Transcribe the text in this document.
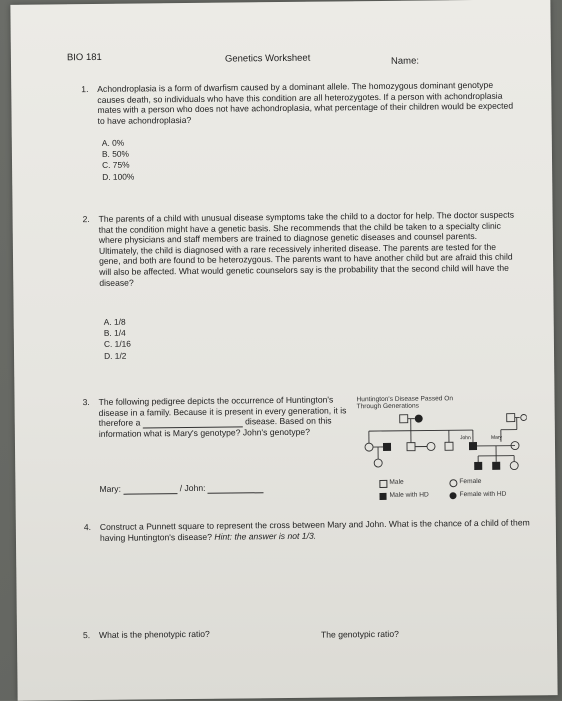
BIO 181	Genetics Worksheet	Name:
1. Achondroplasia is a form of dwarfism caused by a dominant allele. The homozygous dominant genotype causes death, so individuals who have this condition are all heterozygotes. If a person with achondroplasia mates with a person who does not have achondroplasia, what percentage of their children would be expected to have achondroplasia?
A. 0%
B. 50%
C. 75%
D. 100%
2. The parents of a child with unusual disease symptoms take the child to a doctor for help. The doctor suspects that the condition might have a genetic basis. She recommends that the child be taken to a specialty clinic where physicians and staff members are trained to diagnose genetic diseases and counsel parents. Ultimately, the child is diagnosed with a rare recessively inherited disease. The parents are tested for the gene, and both are found to be heterozygous. The parents want to have another child but are afraid this child will also be affected. What would genetic counselors say is the probability that the second child will have the disease?
A. 1/8
B. 1/4
C. 1/16
D. 1/2
3. The following pedigree depicts the occurrence of Huntington's disease in a family. Because it is present in every generation, it is therefore a	disease. Based on this information what is Mary's genotype? John's genotype?
Mary:	/ John:
Huntington's Disease Passed On
Through Generations
John	Mary
Male	Female
Male with HD	Female with HD
4. Construct a Punnett square to represent the cross between Mary and John. What is the chance of a child of them having Huntington's disease? Hint: the answer is not 1/3.
5. What is the phenotypic ratio?	The genotypic ratio?
